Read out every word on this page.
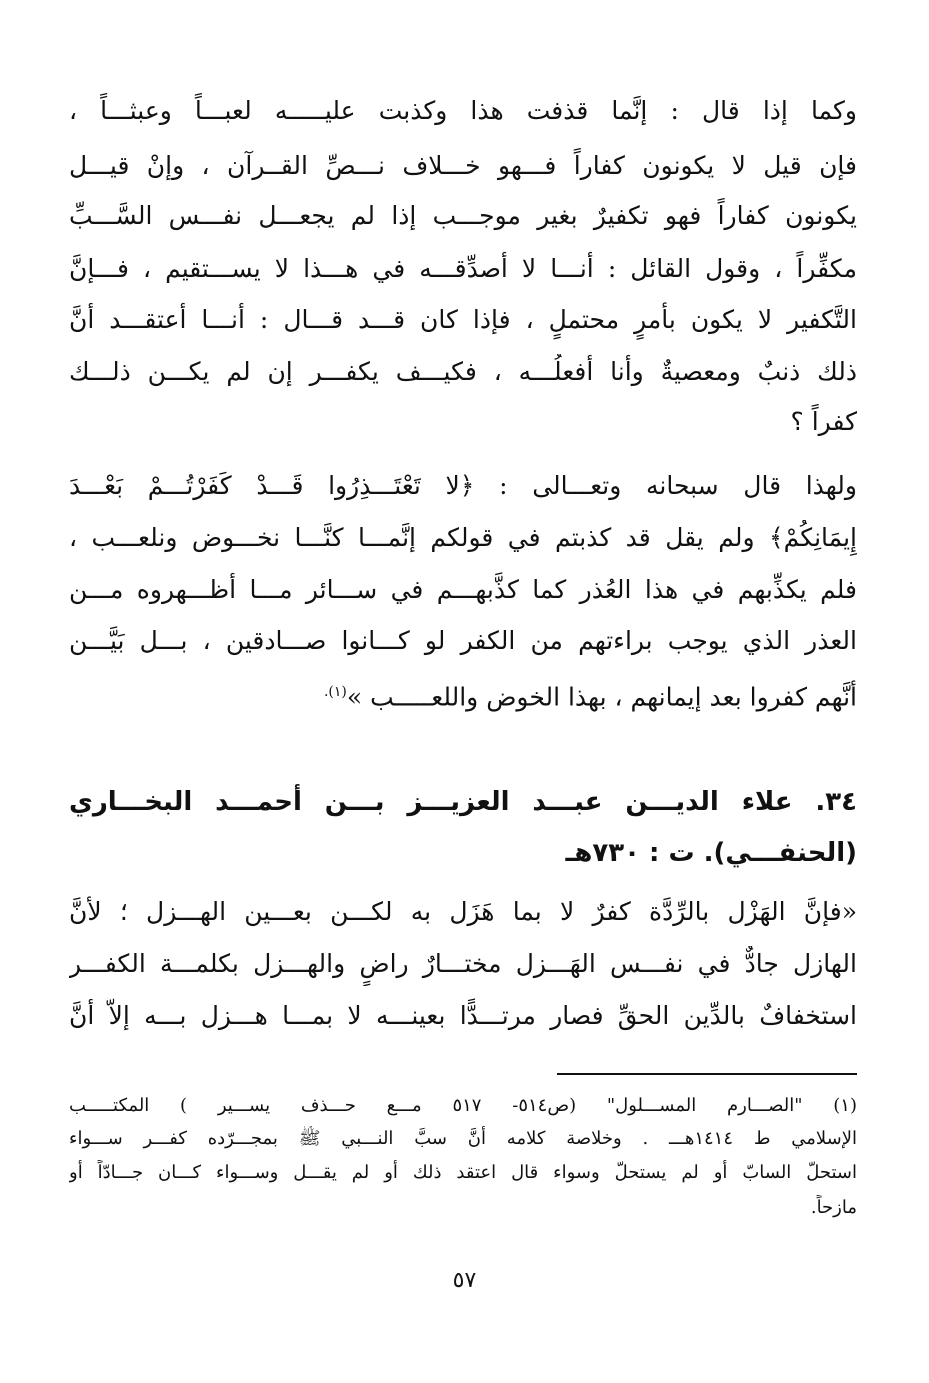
وكما إذا قال : إنَّما قذفت هذا وكذبت عليـــــه لعبـــاً وعبثـــاً ،
فإن قيل لا يكونون كفاراً فـــهو خـــلاف نـــصِّ القــرآن ، وإنْ قيـــل
يكونون كفاراً فهو تكفيرٌ بغير موجـــب إذا لم يجعـــل نفـــس السَّـــبِّ
مكفِّراً ، وقول القائل : أنـــا لا أصدِّقـــه في هـــذا لا يســـتقيم ، فـــإنَّ
التَّكفير لا يكون بأمرٍ محتملٍ ، فإذا كان قـــد قـــال : أنـــا أعتقـــد أنَّ
ذلك ذنبٌ ومعصيةٌ وأنا أفعلُـــه ، فكيـــف يكفـــر إن لم يكـــن ذلـــك
كفراً ؟
ولهذا قال سبحانه وتعـــالى : ﴿لا تَعْتَـــذِرُوا قَـــدْ كَفَرْتُـــمْ بَعْـــدَ
إِيمَانِكُمْ﴾ ولم يقل قد كذبتم في قولكم إنَّمـــا كنَّـــا نخـــوض ونلعـــب ،
فلم يكذِّبهم في هذا العُذر كما كذَّبهـــم في ســـائر مـــا أظـــهروه مـــن
العذر الذي يوجب براءتهم من الكفر لو كـــانوا صـــادقين ، بـــل بَيَّـــن
أنَّهم كفروا بعد إيمانهم ، بهذا الخوض واللعـــــب »$^{(١).}$
٣٤. علاء الديـــن عبـــد العزيـــز بـــن أحمـــد البخـــاري
(الحنفـــي). ت : ٧٣٠هـ
«فإنَّ الهَزْل بالرِّدَّة كفرٌ لا بما هَزَل به لكـــن بعـــين الهـــزل ؛ لأنَّ
الهازل جادٌّ في نفـــس الهَـــزل مختـــارٌ راضٍ والهـــزل بكلمـــة الكفـــر
استخفافٌ بالدِّين الحقِّ فصار مرتـــدًّا بعينـــه لا بمـــا هـــزل بـــه إلاَّ أنَّ
(١) "الصـــارم المســـلول" (ص٥١٤- ٥١٧ مـــع حـــذف يســـير ) المكتـــــب
الإسلامي ط ١٤١٤هـــ . وخلاصة كلامه أنَّ سبَّ النـــبي ﷺ بمجـــرّده كفـــر ســـواء
استحلّ السابّ أو لم يستحلّ وسواء قال اعتقد ذلك أو لم يقـــل وســـواء كـــان جـــادّاً أو
مازحاً.
٥٧
